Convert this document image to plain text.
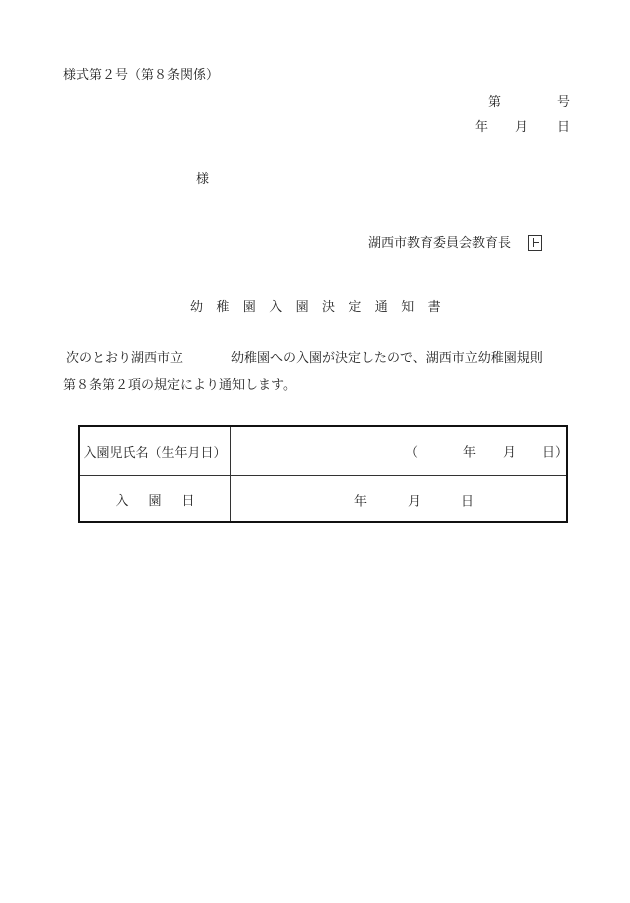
様式第２号（第８条関係）
第	号
年 月 日
様
湖西市教育委員会教育長
幼稚園入園決定通知書
次のとおり湖西市立	幼稚園への入園が決定したので、湖西市立幼稚園規則
第８条第２項の規定により通知します。
入園児氏名（生年月日）	（	年 月 日）
入園日	年	月	日
